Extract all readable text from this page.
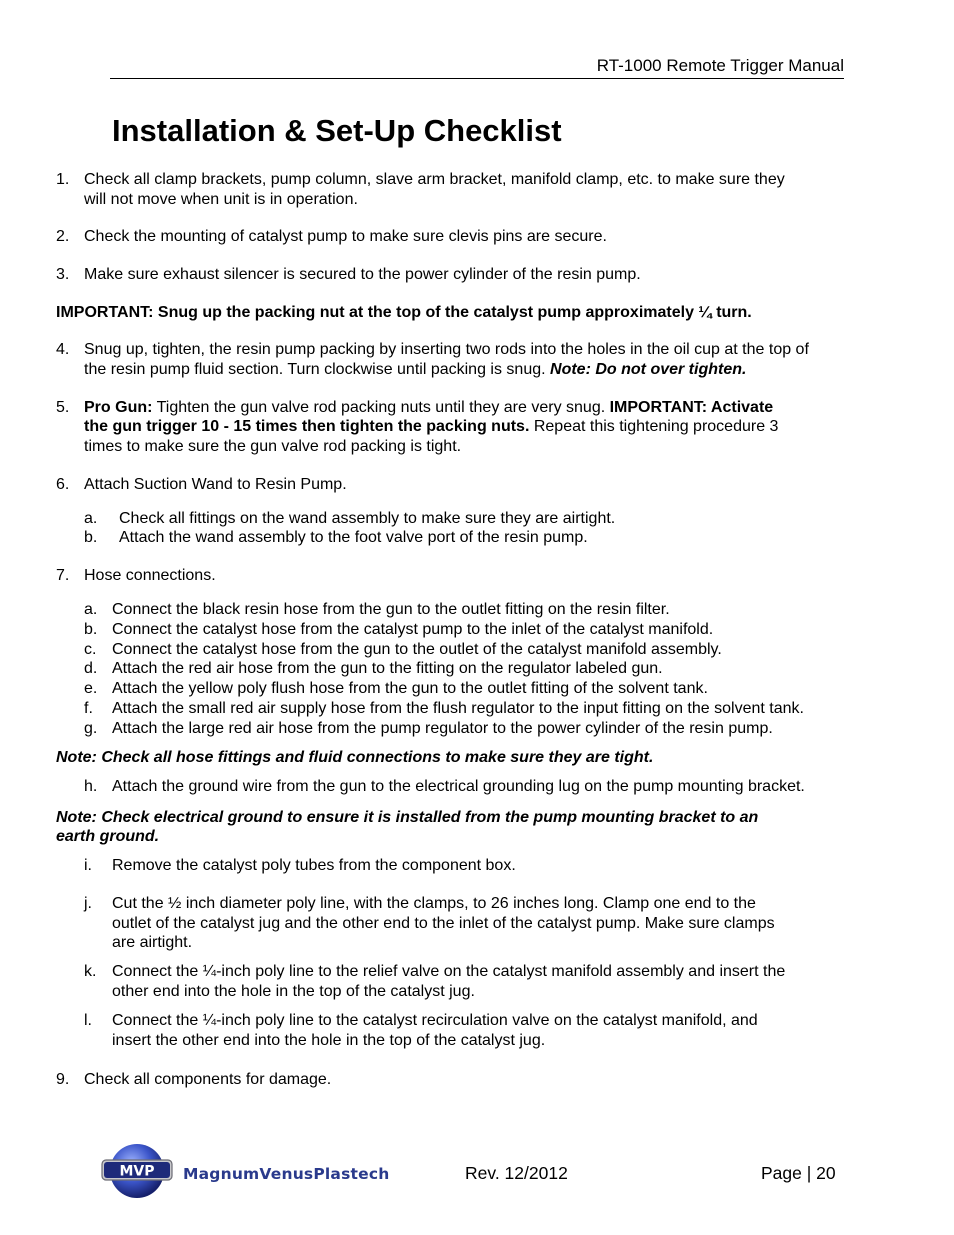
RT-1000 Remote Trigger Manual
Installation & Set-Up Checklist
1. Check all clamp brackets, pump column, slave arm bracket, manifold clamp, etc. to make sure they
will not move when unit is in operation.
2. Check the mounting of catalyst pump to make sure clevis pins are secure.
3. Make sure exhaust silencer is secured to the power cylinder of the resin pump.
IMPORTANT: Snug up the packing nut at the top of the catalyst pump approximately ¼ turn.
4. Snug up, tighten, the resin pump packing by inserting two rods into the holes in the oil cup at the top of
the resin pump fluid section. Turn clockwise until packing is snug. Note: Do not over tighten.
5. Pro Gun: Tighten the gun valve rod packing nuts until they are very snug. IMPORTANT: Activate
the gun trigger 10 - 15 times then tighten the packing nuts. Repeat this tightening procedure 3
times to make sure the gun valve rod packing is tight.
6. Attach Suction Wand to Resin Pump.
a. Check all fittings on the wand assembly to make sure they are airtight.
b. Attach the wand assembly to the foot valve port of the resin pump.
7. Hose connections.
a. Connect the black resin hose from the gun to the outlet fitting on the resin filter.
b. Connect the catalyst hose from the catalyst pump to the inlet of the catalyst manifold.
c. Connect the catalyst hose from the gun to the outlet of the catalyst manifold assembly.
d. Attach the red air hose from the gun to the fitting on the regulator labeled gun.
e. Attach the yellow poly flush hose from the gun to the outlet fitting of the solvent tank.
f. Attach the small red air supply hose from the flush regulator to the input fitting on the solvent tank.
g. Attach the large red air hose from the pump regulator to the power cylinder of the resin pump.
Note: Check all hose fittings and fluid connections to make sure they are tight.
h. Attach the ground wire from the gun to the electrical grounding lug on the pump mounting bracket.
Note: Check electrical ground to ensure it is installed from the pump mounting bracket to an
earth ground.
i. Remove the catalyst poly tubes from the component box.
j. Cut the ½ inch diameter poly line, with the clamps, to 26 inches long. Clamp one end to the
outlet of the catalyst jug and the other end to the inlet of the catalyst pump. Make sure clamps
are airtight.
k. Connect the ¼-inch poly line to the relief valve on the catalyst manifold assembly and insert the
other end into the hole in the top of the catalyst jug.
l. Connect the ¼-inch poly line to the catalyst recirculation valve on the catalyst manifold, and
insert the other end into the hole in the top of the catalyst jug.
9. Check all components for damage.
MVP MagnumVenusPlastech	Rev. 12/2012	Page | 20
